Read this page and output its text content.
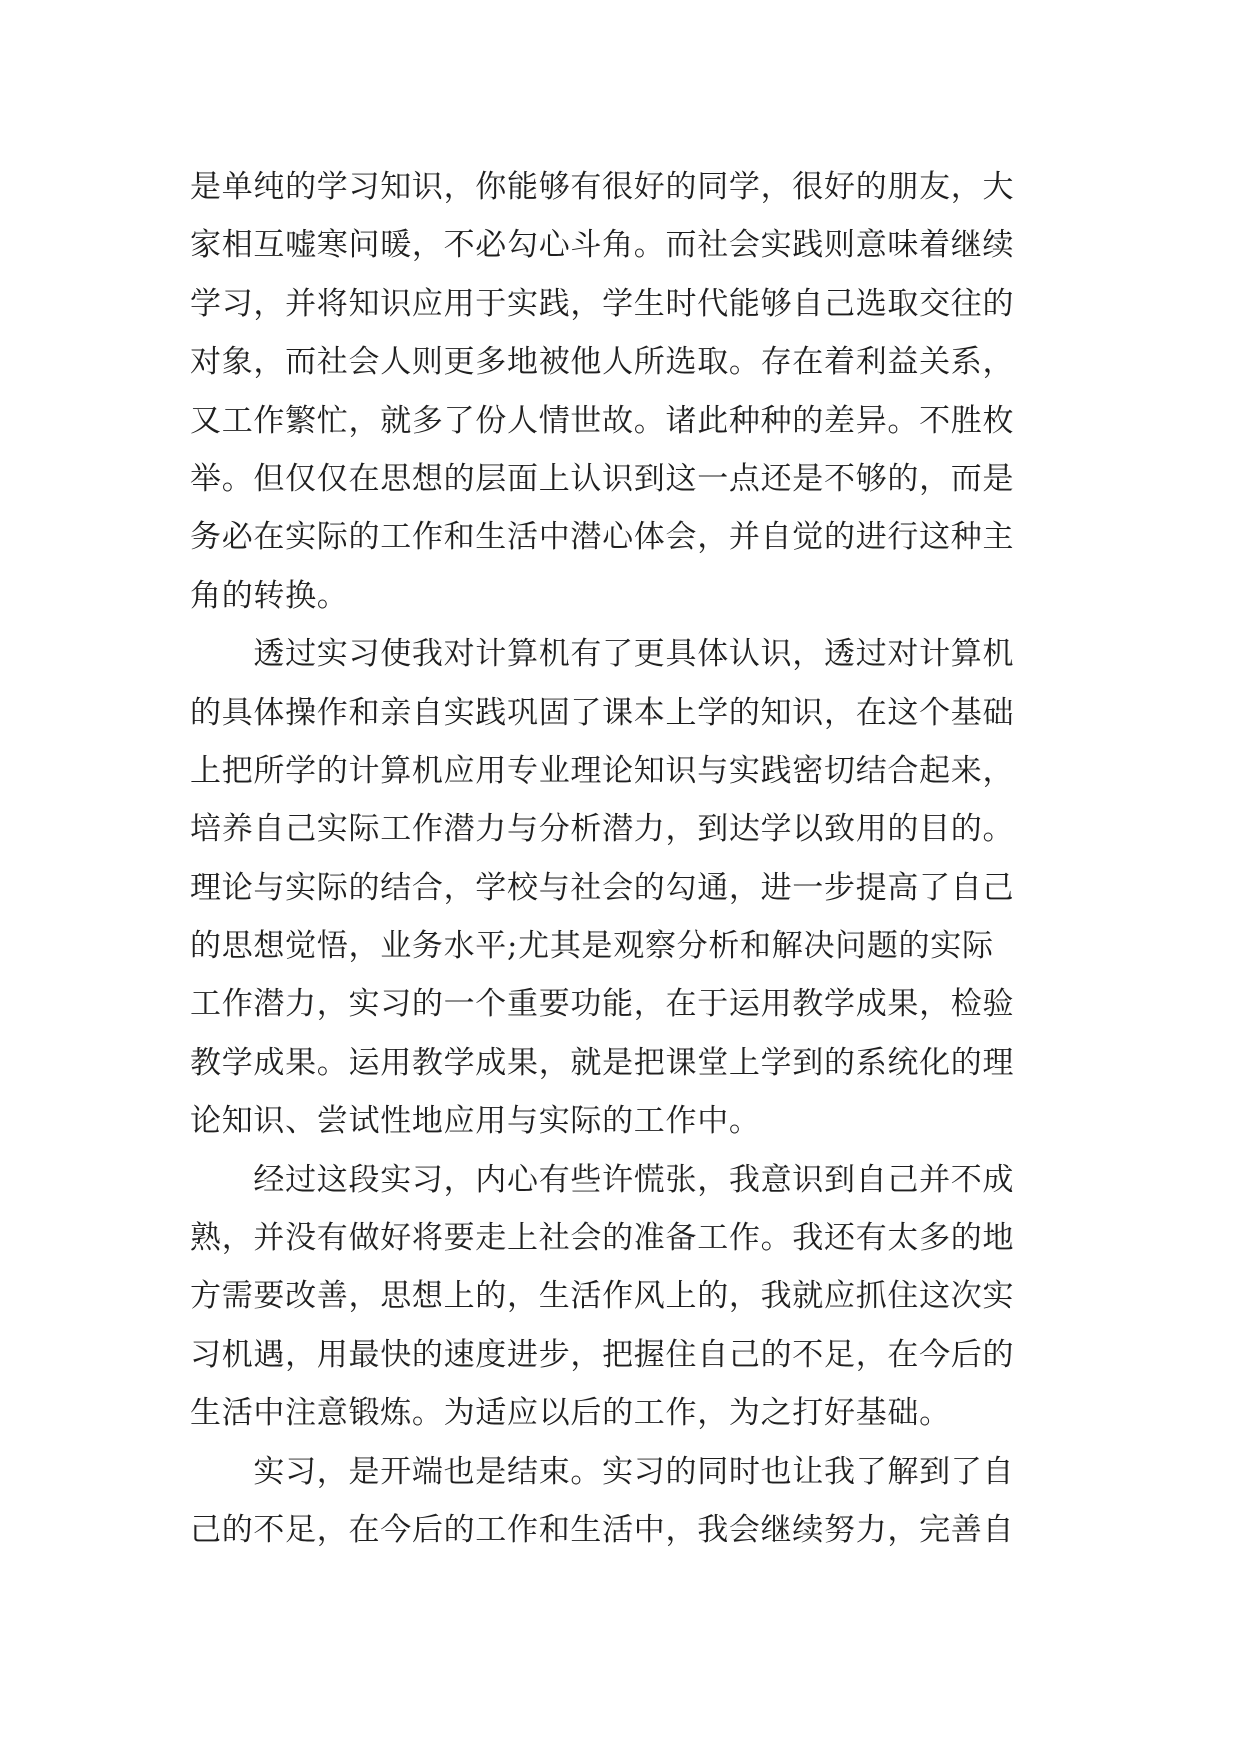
是单纯的学习知识，你能够有很好的同学，很好的朋友，大
家相互嘘寒问暖，不必勾心斗角。而社会实践则意味着继续
学习，并将知识应用于实践，学生时代能够自己选取交往的
对象，而社会人则更多地被他人所选取。存在着利益关系，
又工作繁忙，就多了份人情世故。诸此种种的差异。不胜枚
举。但仅仅在思想的层面上认识到这一点还是不够的，而是
务必在实际的工作和生活中潜心体会，并自觉的进行这种主
角的转换。
　　透过实习使我对计算机有了更具体认识，透过对计算机
的具体操作和亲自实践巩固了课本上学的知识，在这个基础
上把所学的计算机应用专业理论知识与实践密切结合起来，
培养自己实际工作潜力与分析潜力，到达学以致用的目的。
理论与实际的结合，学校与社会的勾通，进一步提高了自己
的思想觉悟，业务水平;尤其是观察分析和解决问题的实际
工作潜力，实习的一个重要功能，在于运用教学成果，检验
教学成果。运用教学成果，就是把课堂上学到的系统化的理
论知识、尝试性地应用与实际的工作中。
　　经过这段实习，内心有些许慌张，我意识到自己并不成
熟，并没有做好将要走上社会的准备工作。我还有太多的地
方需要改善，思想上的，生活作风上的，我就应抓住这次实
习机遇，用最快的速度进步，把握住自己的不足，在今后的
生活中注意锻炼。为适应以后的工作，为之打好基础。
　　实习，是开端也是结束。实习的同时也让我了解到了自
己的不足，在今后的工作和生活中，我会继续努力，完善自
